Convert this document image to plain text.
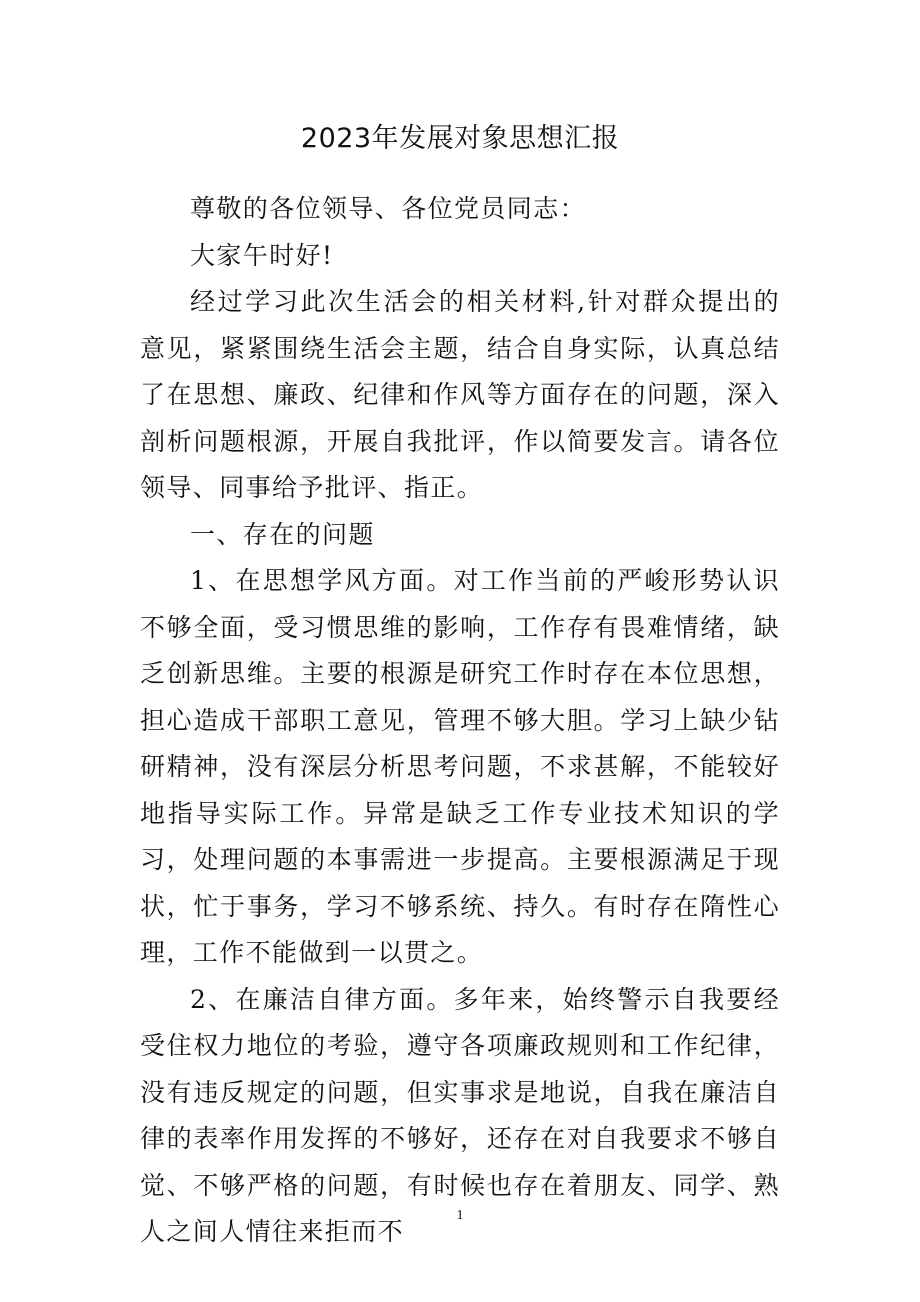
2023年发展对象思想汇报

尊敬的各位领导、各位党员同志：

大家午时好!

经过学习此次生活会的相关材料,针对群众提出的意见，紧紧围绕生活会主题，结合自身实际，认真总结了在思想、廉政、纪律和作风等方面存在的问题，深入剖析问题根源，开展自我批评，作以简要发言。请各位领导、同事给予批评、指正。

一、存在的问题

1、在思想学风方面。对工作当前的严峻形势认识不够全面，受习惯思维的影响，工作存有畏难情绪，缺乏创新思维。主要的根源是研究工作时存在本位思想，担心造成干部职工意见，管理不够大胆。学习上缺少钻研精神，没有深层分析思考问题，不求甚解，不能较好地指导实际工作。异常是缺乏工作专业技术知识的学习，处理问题的本事需进一步提高。主要根源满足于现状，忙于事务，学习不够系统、持久。有时存在隋性心理，工作不能做到一以贯之。

2、在廉洁自律方面。多年来，始终警示自我要经受住权力地位的考验，遵守各项廉政规则和工作纪律，没有违反规定的问题，但实事求是地说，自我在廉洁自律的表率作用发挥的不够好，还存在对自我要求不够自觉、不够严格的问题，有时候也存在着朋友、同学、熟人之间人情往来拒而不

1
